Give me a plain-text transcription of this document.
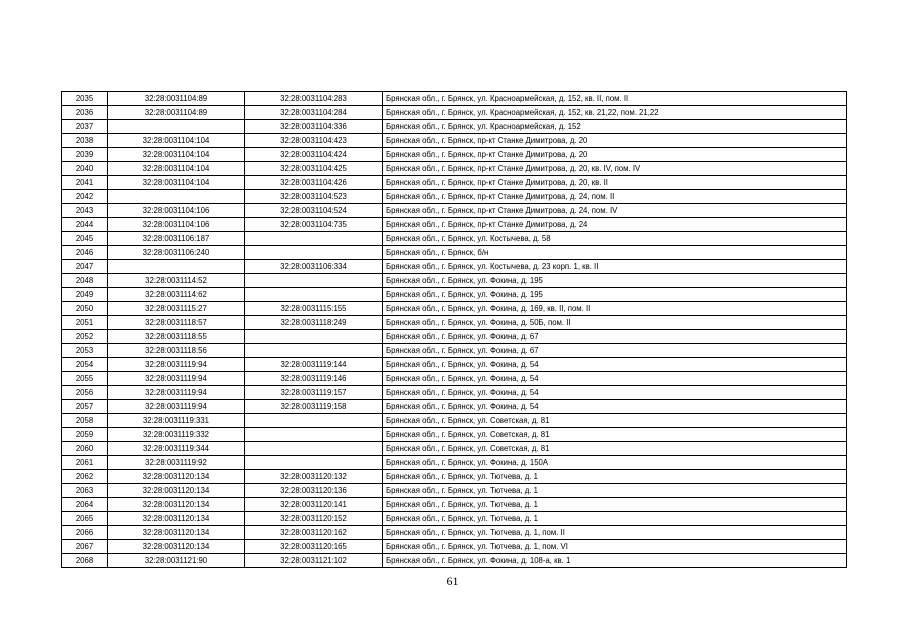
2035	32:28:0031104:89	32:28:0031104:283	Брянская обл., г. Брянск, ул. Красноармейская, д. 152, кв. II, пом. II
2036	32:28:0031104:89	32:28:0031104:284	Брянская обл., г. Брянск, ул. Красноармейская, д. 152, кв. 21,22, пом. 21,22
2037		32:28:0031104:336	Брянская обл., г. Брянск, ул. Красноармейская, д. 152
2038	32:28:0031104:104	32:28:0031104:423	Брянская обл., г. Брянск, пр-кт Станке Димитрова, д. 20
2039	32:28:0031104:104	32:28:0031104:424	Брянская обл., г. Брянск, пр-кт Станке Димитрова, д. 20
2040	32:28:0031104:104	32:28:0031104:425	Брянская обл., г. Брянск, пр-кт Станке Димитрова, д. 20, кв. IV, пом. IV
2041	32:28:0031104:104	32:28:0031104:426	Брянская обл., г. Брянск, пр-кт Станке Димитрова, д. 20, кв. II
2042		32:28:0031104:523	Брянская обл., г. Брянск, пр-кт Станке Димитрова, д. 24, пом. II
2043	32:28:0031104:106	32:28:0031104:524	Брянская обл., г. Брянск, пр-кт Станке Димитрова, д. 24, пом. IV
2044	32:28:0031104:106	32:28:0031104:735	Брянская обл., г. Брянск, пр-кт Станке Димитрова, д. 24
2045	32:28:0031106:187		Брянская обл., г. Брянск, ул. Костычева, д. 58
2046	32:28:0031106:240		Брянская обл., г. Брянск, б/н
2047		32:28:0031106:334	Брянская обл., г. Брянск, ул. Костычева, д. 23 корп. 1, кв. II
2048	32:28:0031114:52		Брянская обл., г. Брянск, ул. Фокина, д. 195
2049	32:28:0031114:62		Брянская обл., г. Брянск, ул. Фокина, д. 195
2050	32:28:0031115:27	32:28:0031115:155	Брянская обл., г. Брянск, ул. Фокина, д. 169, кв. II, пом. II
2051	32:28:0031118:57	32:28:0031118:249	Брянская обл., г. Брянск, ул. Фокина, д. 50Б, пом. II
2052	32:28:0031118:55		Брянская обл., г. Брянск, ул. Фокина, д. 67
2053	32:28:0031118:56		Брянская обл., г. Брянск, ул. Фокина, д. 67
2054	32:28:0031119:94	32:28:0031119:144	Брянская обл., г. Брянск, ул. Фокина, д. 54
2055	32:28:0031119:94	32:28:0031119:146	Брянская обл., г. Брянск, ул. Фокина, д. 54
2056	32:28:0031119:94	32:28:0031119:157	Брянская обл., г. Брянск, ул. Фокина, д. 54
2057	32:28:0031119:94	32:28:0031119:158	Брянская обл., г. Брянск, ул. Фокина, д. 54
2058	32:28:0031119:331		Брянская обл., г. Брянск, ул. Советская, д. 81
2059	32:28:0031119:332		Брянская обл., г. Брянск, ул. Советская, д. 81
2060	32:28:0031119:344		Брянская обл., г. Брянск, ул. Советская, д. 81
2061	32:28:0031119:92		Брянская обл., г. Брянск, ул. Фокина, д. 150А
2062	32:28:0031120:134	32:28:0031120:132	Брянская обл., г. Брянск, ул. Тютчева, д. 1
2063	32:28:0031120:134	32:28:0031120:136	Брянская обл., г. Брянск, ул. Тютчева, д. 1
2064	32:28:0031120:134	32:28:0031120:141	Брянская обл., г. Брянск, ул. Тютчева, д. 1
2065	32:28:0031120:134	32:28:0031120:152	Брянская обл., г. Брянск, ул. Тютчева, д. 1
2066	32:28:0031120:134	32:28:0031120:162	Брянская обл., г. Брянск, ул. Тютчева, д. 1, пом. II
2067	32:28:0031120:134	32:28:0031120:165	Брянская обл., г. Брянск, ул. Тютчева, д. 1, пом. VI
2068	32:28:0031121:90	32:28:0031121:102	Брянская обл., г. Брянск, ул. Фокина, д. 108-а, кв. 1
61
